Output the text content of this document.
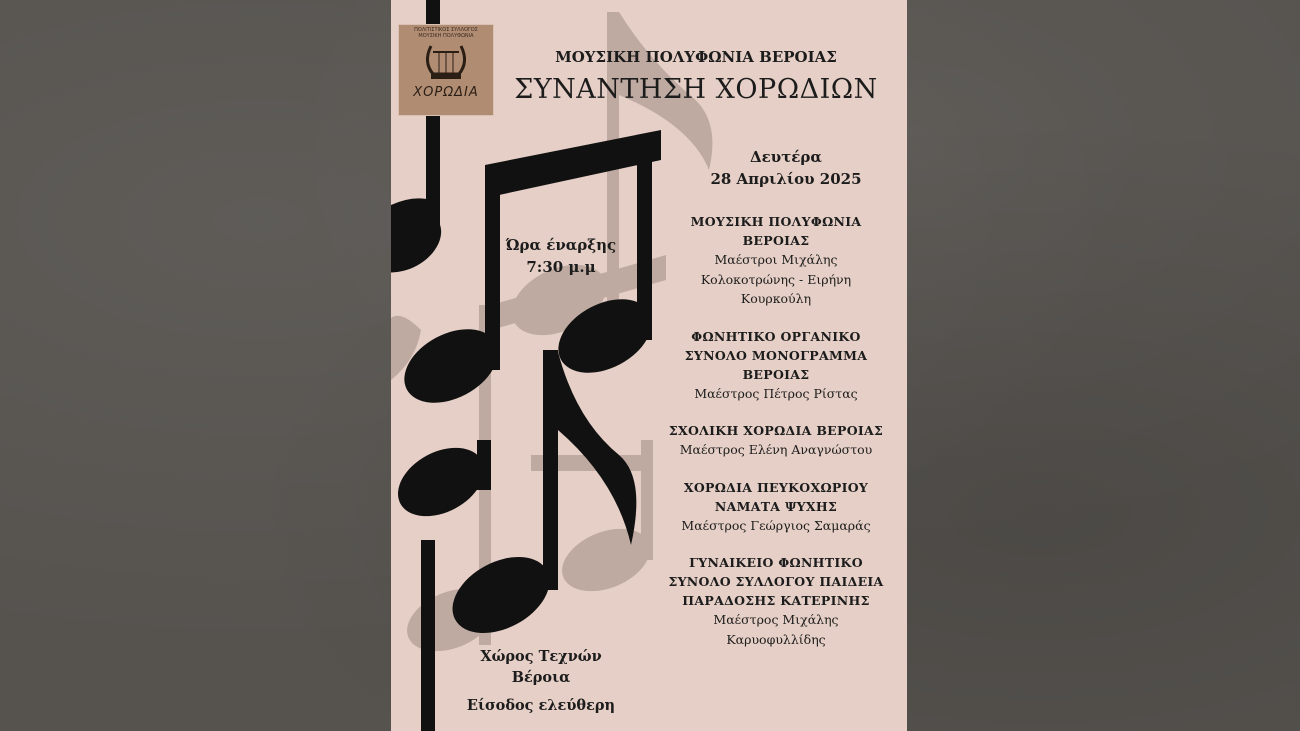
ΠΟΛΙΤΙΣΤΙΚΟΣ ΣΥΛΛΟΓΟΣ ΜΟΥΣΙΚΗ ΠΟΛΥΦΩΝΙΑ
ΧΟΡΩΔΙΑ
ΜΟΥΣΙΚΗ ΠΟΛΥΦΩΝΙΑ ΒΕΡΟΙΑΣ
ΣΥΝΑΝΤΗΣΗ ΧΟΡΩΔΙΩΝ
Δευτέρα
28 Απριλίου 2025
Ώρα έναρξης
7:30 μ.μ
ΜΟΥΣΙΚΗ ΠΟΛΥΦΩΝΙΑ
ΒΕΡΟΙΑΣ
Μαέστροι Μιχάλης
Κολοκοτρώνης - Ειρήνη
Κουρκούλη
ΦΩΝΗΤΙΚΟ ΟΡΓΑΝΙΚΟ
ΣΥΝΟΛΟ ΜΟΝΟΓΡΑΜΜΑ
ΒΕΡΟΙΑΣ
Μαέστρος Πέτρος Ρίστας
ΣΧΟΛΙΚΗ ΧΟΡΩΔΙΑ ΒΕΡΟΙΑΣ
Μαέστρος Ελένη Αναγνώστου
ΧΟΡΩΔΙΑ ΠΕΥΚΟΧΩΡΙΟΥ
ΝΑΜΑΤΑ ΨΥΧΗΣ
Μαέστρος Γεώργιος Σαμαράς
ΓΥΝΑΙΚΕΙΟ ΦΩΝΗΤΙΚΟ
ΣΥΝΟΛΟ ΣΥΛΛΟΓΟΥ ΠΑΙΔΕΙΑ
ΠΑΡΑΔΟΣΗΣ ΚΑΤΕΡΙΝΗΣ
Μαέστρος Μιχάλης
Καρυοφυλλίδης
Χώρος Τεχνών
Βέροια
Είσοδος ελεύθερη
